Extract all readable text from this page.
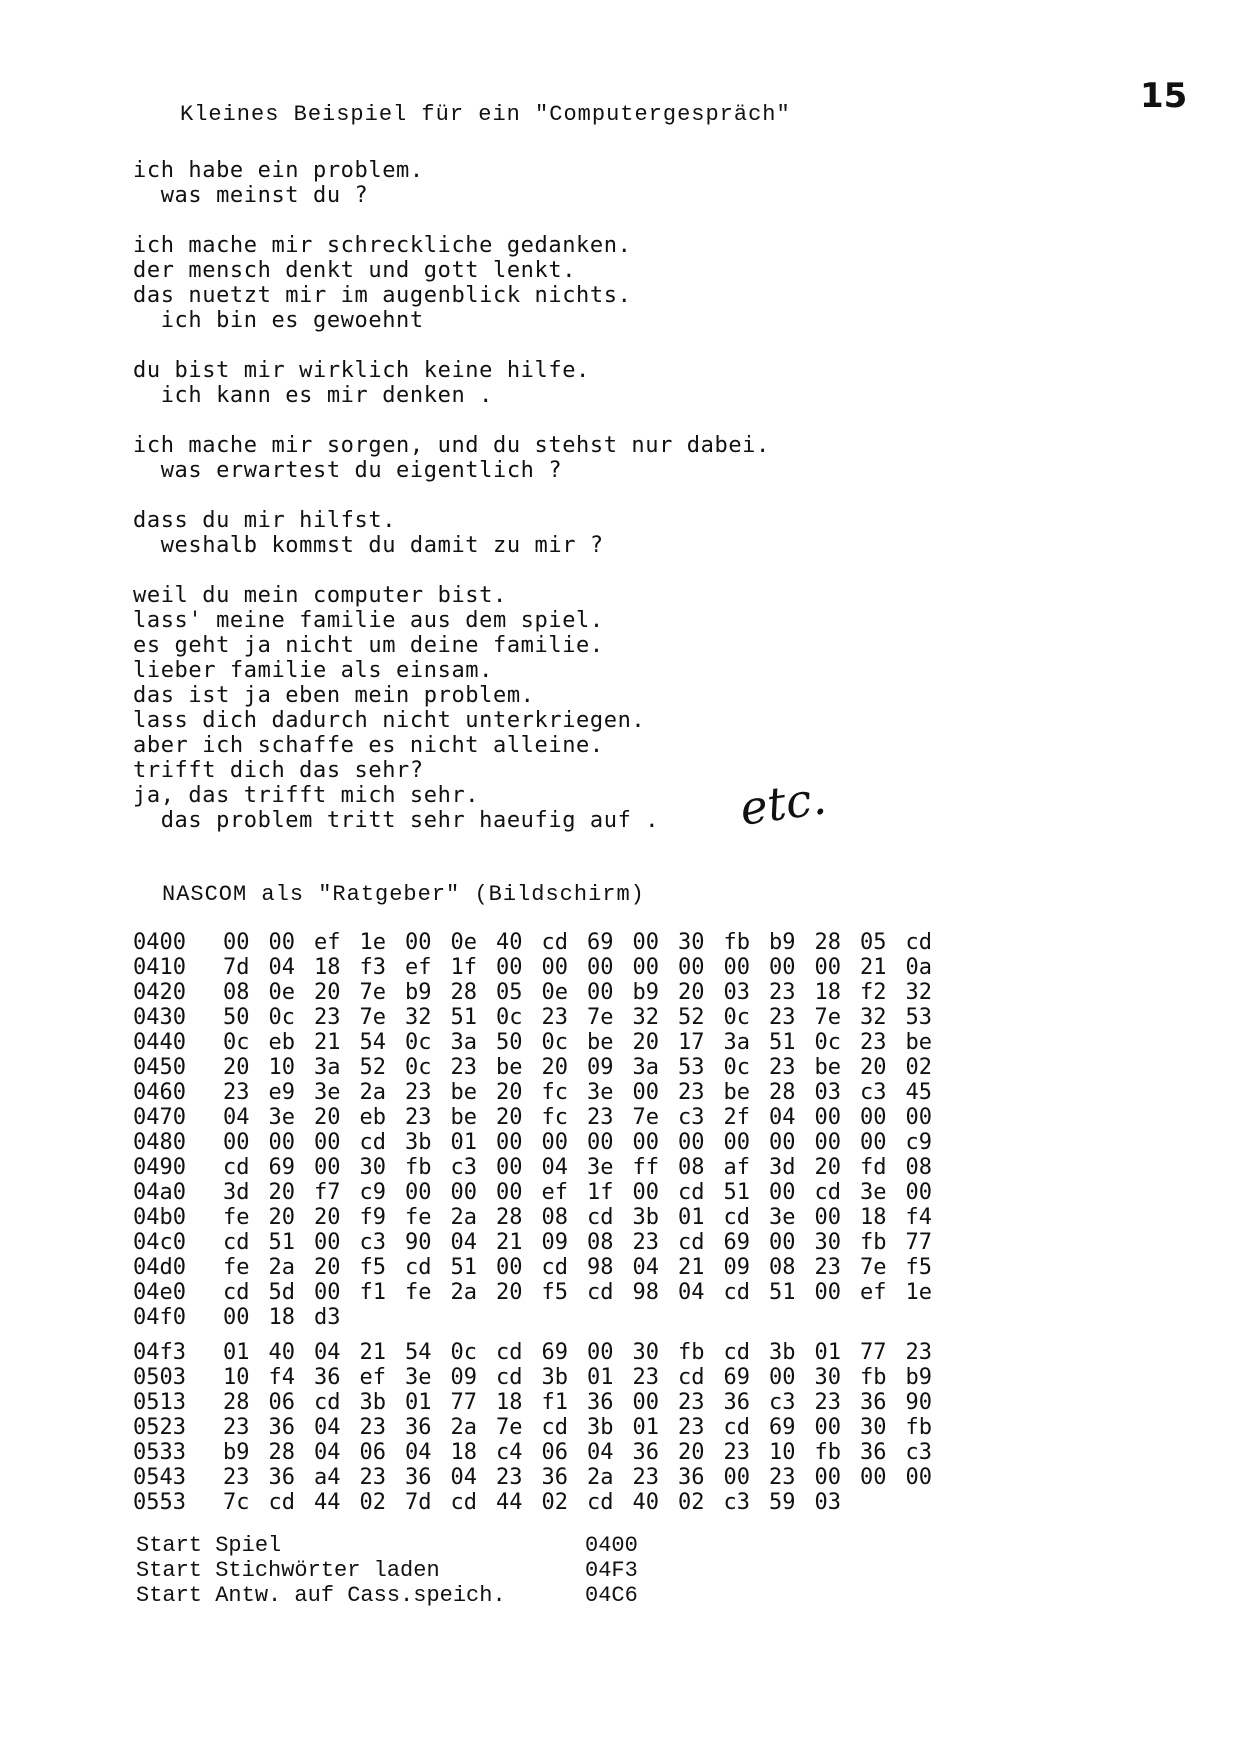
15
Kleines Beispiel für ein "Computergespräch"
ich habe ein problem.
was meinst du ?
ich mache mir schreckliche gedanken.
der mensch denkt und gott lenkt.
das nuetzt mir im augenblick nichts.
ich bin es gewoehnt
du bist mir wirklich keine hilfe.
ich kann es mir denken .
ich mache mir sorgen, und du stehst nur dabei.
was erwartest du eigentlich ?
dass du mir hilfst.
weshalb kommst du damit zu mir ?
weil du mein computer bist.
lass' meine familie aus dem spiel.
es geht ja nicht um deine familie.
lieber familie als einsam.
das ist ja eben mein problem.
lass dich dadurch nicht unterkriegen.
aber ich schaffe es nicht alleine.
trifft dich das sehr?
ja, das trifft mich sehr.
das problem tritt sehr haeufig auf .	etc.
NASCOM als "Ratgeber" (Bildschirm)
0400	00 00 ef 1e 00 0e 40 cd 69 00 30 fb b9 28 05 cd
0410	7d 04 18 f3 ef 1f 00 00 00 00 00 00 00 00 21 0a
0420	08 0e 20 7e b9 28 05 0e 00 b9 20 03 23 18 f2 32
0430	50 0c 23 7e 32 51 0c 23 7e 32 52 0c 23 7e 32 53
0440	0c eb 21 54 0c 3a 50 0c be 20 17 3a 51 0c 23 be
0450	20 10 3a 52 0c 23 be 20 09 3a 53 0c 23 be 20 02
0460	23 e9 3e 2a 23 be 20 fc 3e 00 23 be 28 03 c3 45
0470	04 3e 20 eb 23 be 20 fc 23 7e c3 2f 04 00 00 00
0480	00 00 00 cd 3b 01 00 00 00 00 00 00 00 00 00 c9
0490	cd 69 00 30 fb c3 00 04 3e ff 08 af 3d 20 fd 08
04a0	3d 20 f7 c9 00 00 00 ef 1f 00 cd 51 00 cd 3e 00
04b0	fe 20 20 f9 fe 2a 28 08 cd 3b 01 cd 3e 00 18 f4
04c0	cd 51 00 c3 90 04 21 09 08 23 cd 69 00 30 fb 77
04d0	fe 2a 20 f5 cd 51 00 cd 98 04 21 09 08 23 7e f5
04e0	cd 5d 00 f1 fe 2a 20 f5 cd 98 04 cd 51 00 ef 1e
04f0	00 18 d3
04f3	01 40 04 21 54 0c cd 69 00 30 fb cd 3b 01 77 23
0503	10 f4 36 ef 3e 09 cd 3b 01 23 cd 69 00 30 fb b9
0513	28 06 cd 3b 01 77 18 f1 36 00 23 36 c3 23 36 90
0523	23 36 04 23 36 2a 7e cd 3b 01 23 cd 69 00 30 fb
0533	b9 28 04 06 04 18 c4 06 04 36 20 23 10 fb 36 c3
0543	23 36 a4 23 36 04 23 36 2a 23 36 00 23 00 00 00
0553	7c cd 44 02 7d cd 44 02 cd 40 02 c3 59 03
Start Spiel	0400
Start Stichwörter laden	04F3
Start Antw. auf Cass.speich.	04C6
